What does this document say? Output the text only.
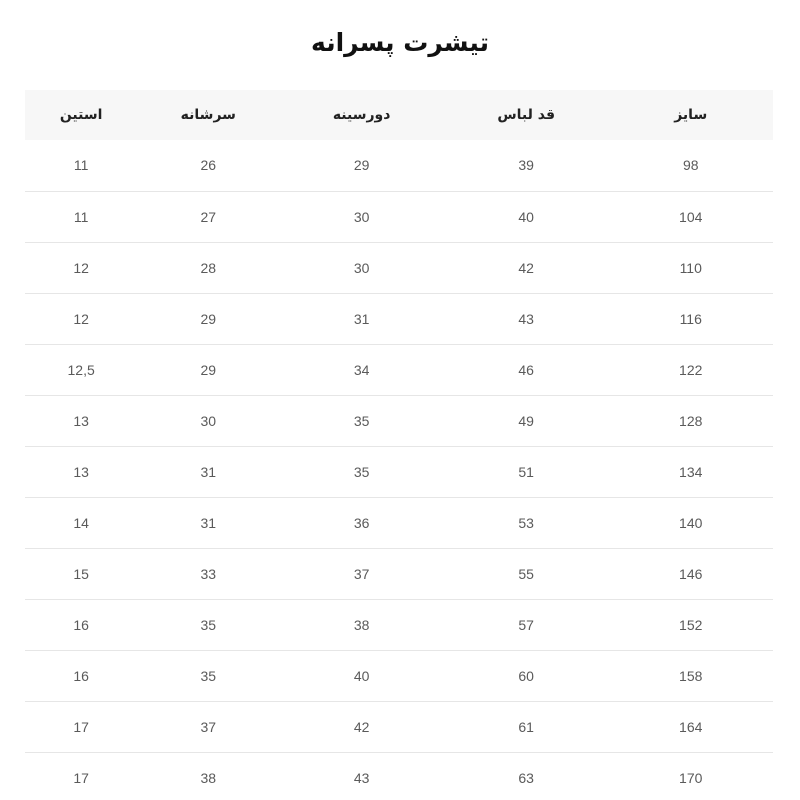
تیشرت پسرانه
سایز	قد لباس	دورسینه	سرشانه	استین
98	39	29	26	11
104	40	30	27	11
110	42	30	28	12
116	43	31	29	12
122	46	34	29	12,5
128	49	35	30	13
134	51	35	31	13
140	53	36	31	14
146	55	37	33	15
152	57	38	35	16
158	60	40	35	16
164	61	42	37	17
170	63	43	38	17
